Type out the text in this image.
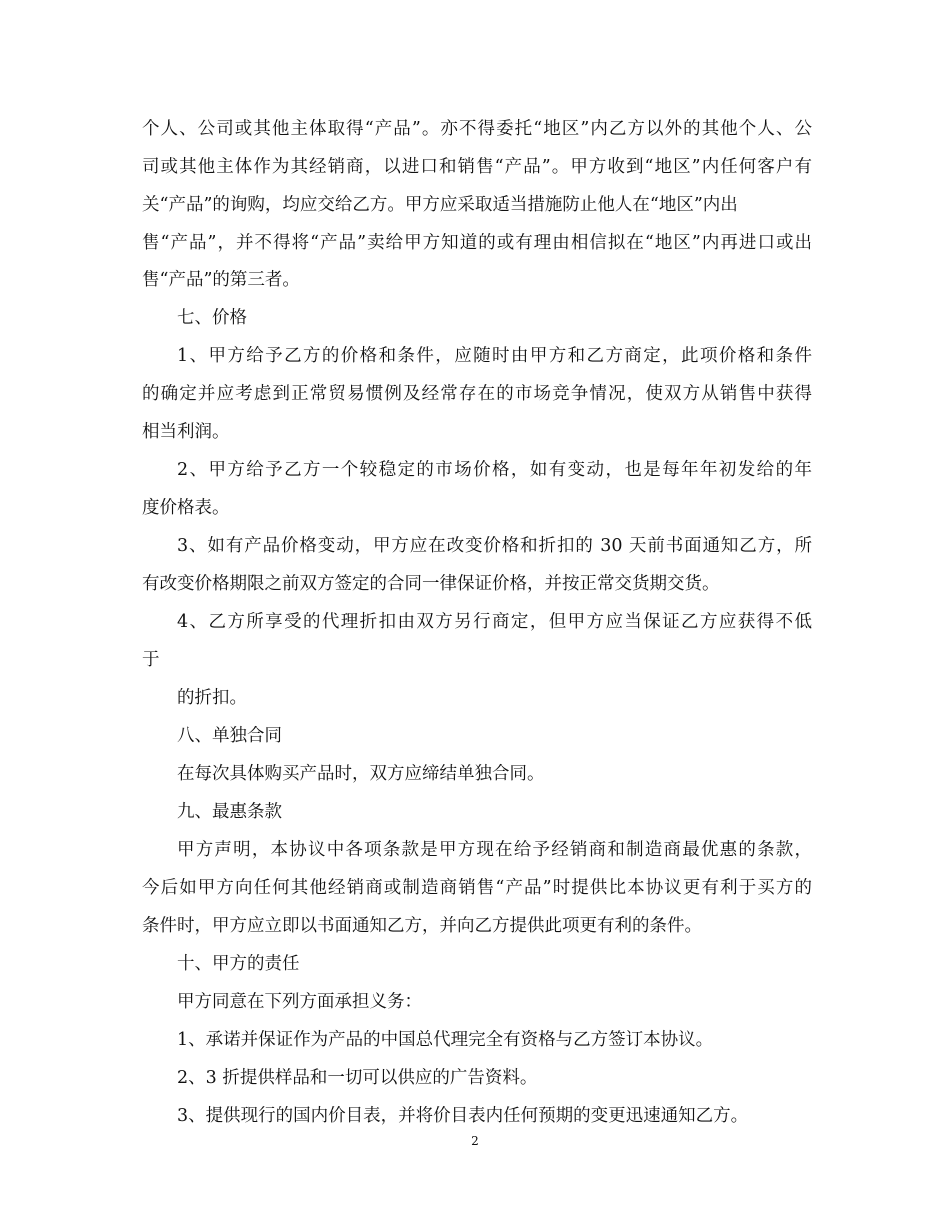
个人、公司或其他主体取得“产品”。亦不得委托“地区”内乙方以外的其他个人、公
司或其他主体作为其经销商，以进口和销售“产品”。甲方收到“地区”内任何客户有
关“产品”的询购，均应交给乙方。甲方应采取适当措施防止他人在“地区”内出
售“产品”，并不得将“产品”卖给甲方知道的或有理由相信拟在“地区”内再进口或出
售“产品”的第三者。
七、价格
1、甲方给予乙方的价格和条件，应随时由甲方和乙方商定，此项价格和条件
的确定并应考虑到正常贸易惯例及经常存在的市场竞争情况，使双方从销售中获得
相当利润。
2、甲方给予乙方一个较稳定的市场价格，如有变动，也是每年年初发给的年
度价格表。
3、如有产品价格变动，甲方应在改变价格和折扣的 30 天前书面通知乙方，所
有改变价格期限之前双方签定的合同一律保证价格，并按正常交货期交货。
4、乙方所享受的代理折扣由双方另行商定，但甲方应当保证乙方应获得不低
于
的折扣。
八、单独合同
在每次具体购买产品时，双方应缔结单独合同。
九、最惠条款
甲方声明，本协议中各项条款是甲方现在给予经销商和制造商最优惠的条款，
今后如甲方向任何其他经销商或制造商销售“产品”时提供比本协议更有利于买方的
条件时，甲方应立即以书面通知乙方，并向乙方提供此项更有利的条件。
十、甲方的责任
甲方同意在下列方面承担义务：
1、承诺并保证作为产品的中国总代理完全有资格与乙方签订本协议。
2、3 折提供样品和一切可以供应的广告资料。
3、提供现行的国内价目表，并将价目表内任何预期的变更迅速通知乙方。
2
